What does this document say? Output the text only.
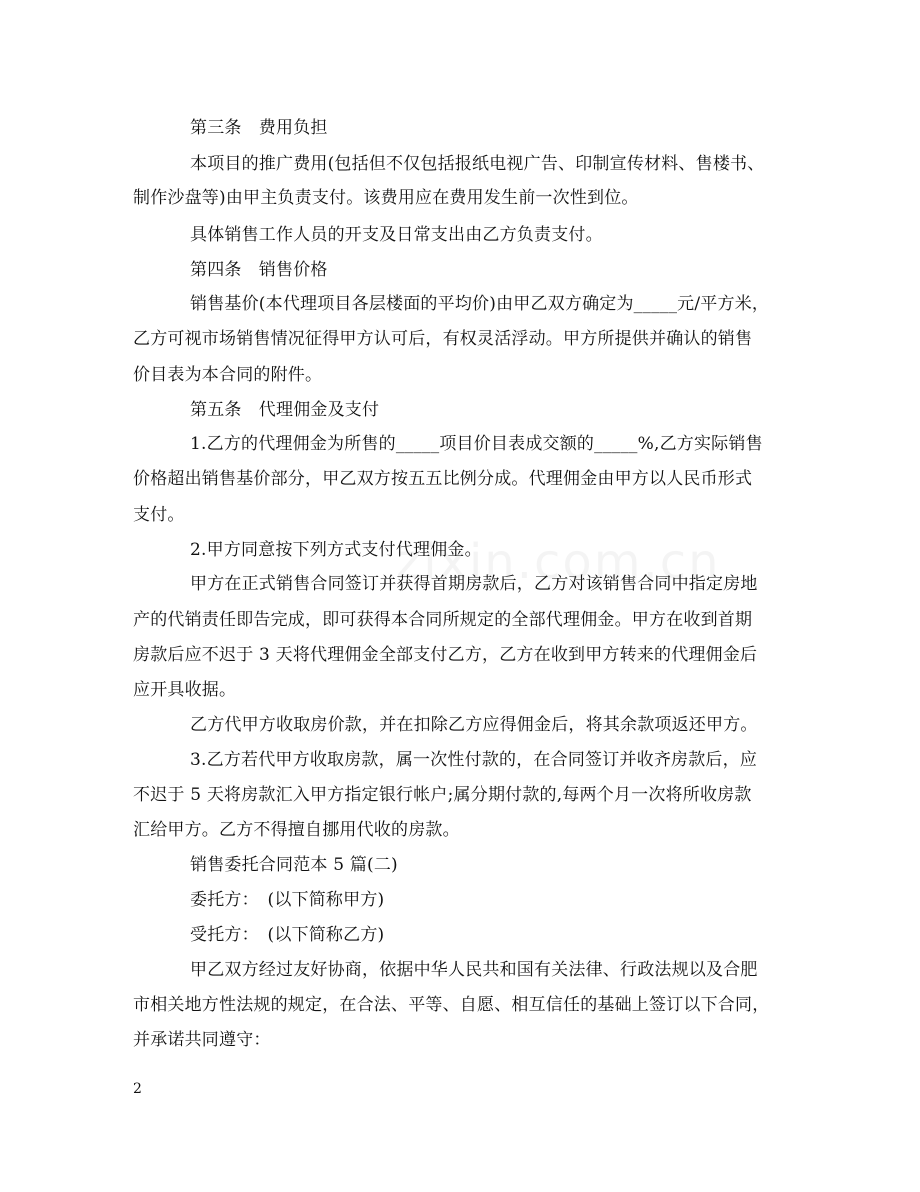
第三条　费用负担
本项目的推广费用(包括但不仅包括报纸电视广告、印制宣传材料、售楼书、
制作沙盘等)由甲主负责支付。该费用应在费用发生前一次性到位。
具体销售工作人员的开支及日常支出由乙方负责支付。
第四条　销售价格
销售基价(本代理项目各层楼面的平均价)由甲乙双方确定为_____元/平方米，
乙方可视市场销售情况征得甲方认可后，有权灵活浮动。甲方所提供并确认的销售
价目表为本合同的附件。
第五条　代理佣金及支付
1.乙方的代理佣金为所售的_____项目价目表成交额的_____%,乙方实际销售
价格超出销售基价部分，甲乙双方按五五比例分成。代理佣金由甲方以人民币形式
支付。
2.甲方同意按下列方式支付代理佣金。
甲方在正式销售合同签订并获得首期房款后，乙方对该销售合同中指定房地
产的代销责任即告完成，即可获得本合同所规定的全部代理佣金。甲方在收到首期
房款后应不迟于 3 天将代理佣金全部支付乙方，乙方在收到甲方转来的代理佣金后
应开具收据。
乙方代甲方收取房价款，并在扣除乙方应得佣金后，将其余款项返还甲方。
3.乙方若代甲方收取房款，属一次性付款的，在合同签订并收齐房款后，应
不迟于 5 天将房款汇入甲方指定银行帐户;属分期付款的,每两个月一次将所收房款
汇给甲方。乙方不得擅自挪用代收的房款。
销售委托合同范本 5 篇(二)
委托方：　(以下简称甲方)
受托方：　(以下简称乙方)
甲乙双方经过友好协商，依据中华人民共和国有关法律、行政法规以及合肥
市相关地方性法规的规定，在合法、平等、自愿、相互信任的基础上签订以下合同，
并承诺共同遵守：
2
